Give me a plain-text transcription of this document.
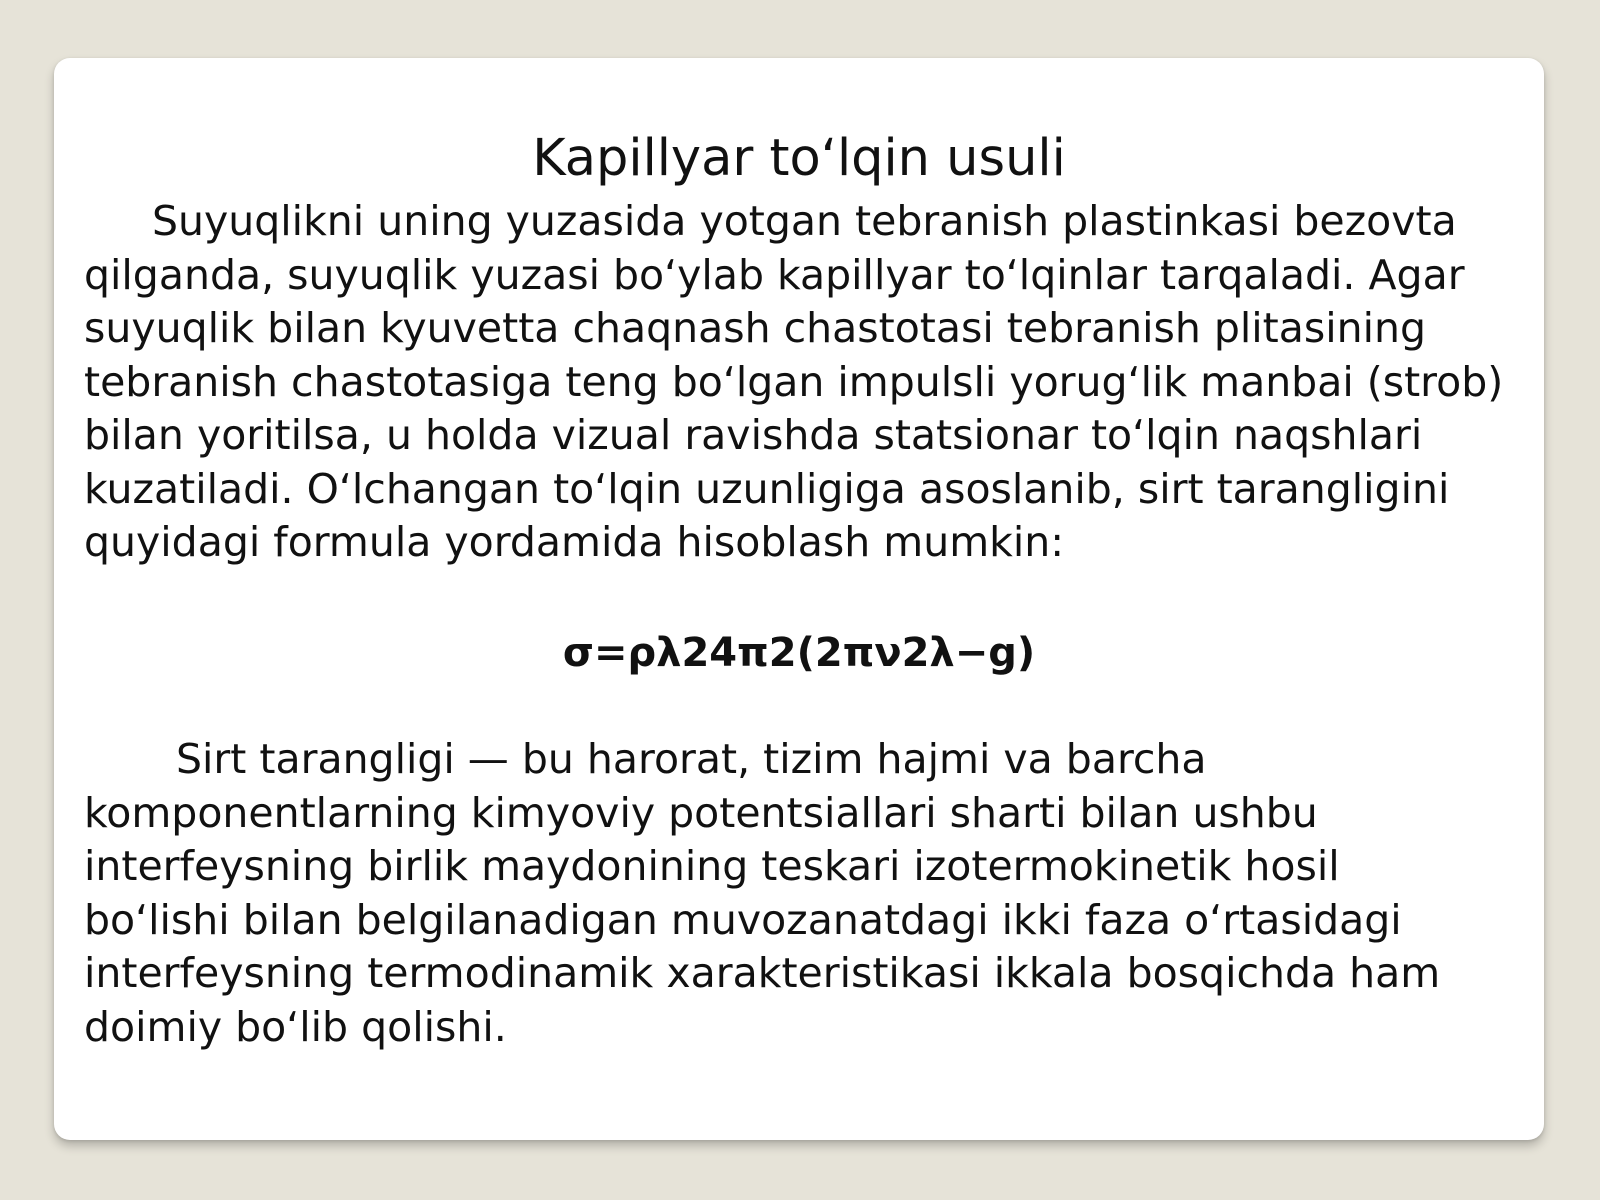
Kapillyar to‘lqin usuli

Suyuqlikni uning yuzasida yotgan tebranish plastinkasi bezovta
qilganda, suyuqlik yuzasi bo‘ylab kapillyar to‘lqinlar tarqaladi. Agar
suyuqlik bilan kyuvetta chaqnash chastotasi tebranish plitasining
tebranish chastotasiga teng bo‘lgan impulsli yorug‘lik manbai (strob)
bilan yoritilsa, u holda vizual ravishda statsionar to‘lqin naqshlari
kuzatiladi. O‘lchangan to‘lqin uzunligiga asoslanib, sirt tarangligini
quyidagi formula yordamida hisoblash mumkin:

σ=ρλ24π2(2πν2λ−g)

Sirt tarangligi — bu harorat, tizim hajmi va barcha
komponentlarning kimyoviy potentsiallari sharti bilan ushbu
interfeysning birlik maydonining teskari izotermokinetik hosil
bo‘lishi bilan belgilanadigan muvozanatdagi ikki faza o‘rtasidagi
interfeysning termodinamik xarakteristikasi ikkala bosqichda ham
doimiy bo‘lib qolishi.
